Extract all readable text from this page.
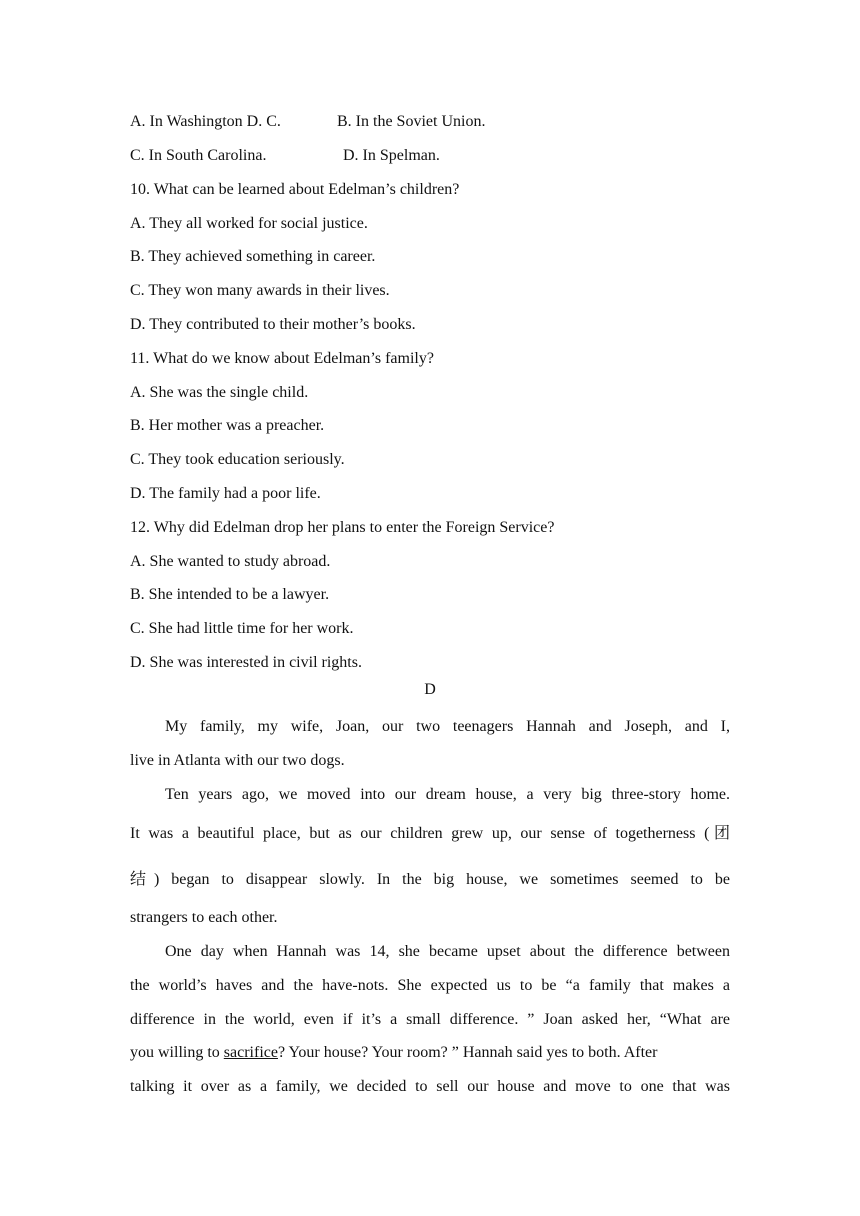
A. In Washington D. C.	B. In the Soviet Union.
C. In South Carolina.	D. In Spelman.
10. What can be learned about Edelman’s children?
A. They all worked for social justice.
B. They achieved something in career.
C. They won many awards in their lives.
D. They contributed to their mother’s books.
11. What do we know about Edelman’s family?
A. She was the single child.
B. Her mother was a preacher.
C. They took education seriously.
D. The family had a poor life.
12. Why did Edelman drop her plans to enter the Foreign Service?
A. She wanted to study abroad.
B. She intended to be a lawyer.
C. She had little time for her work.
D. She was interested in civil rights.
D
My family, my wife, Joan, our two teenagers Hannah and Joseph, and I,
live in Atlanta with our two dogs.
Ten years ago, we moved into our dream house, a very big three-story home.
It was a beautiful place, but as our children grew up, our sense of togetherness (团
结) began to disappear slowly. In the big house, we sometimes seemed to be
strangers to each other.
One day when Hannah was 14, she became upset about the difference between
the world’s haves and the have-nots. She expected us to be “a family that makes a
difference in the world, even if it’s a small difference. ” Joan asked her, “What are
you willing to sacrifice? Your house? Your room? ” Hannah said yes to both. After
talking it over as a family, we decided to sell our house and move to one that was
